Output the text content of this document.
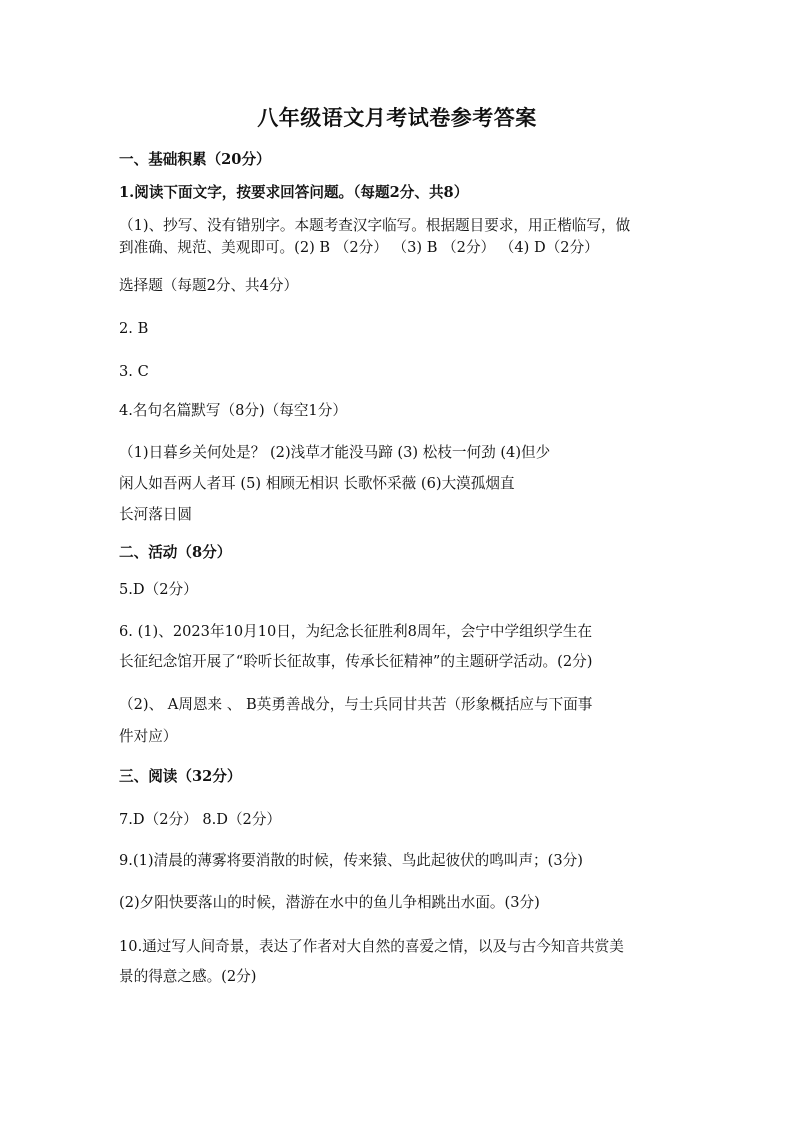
八年级语文月考试卷参考答案
一、基础积累（20分）
1.阅读下面文字，按要求回答问题。（每题2分、共8）
（1)、抄写、没有错别字。本题考查汉字临写。根据题目要求，用正楷临写，做
到准确、规范、美观即可。(2) B （2分） （3) B （2分） （4) D（2分）
选择题（每题2分、共4分）
2. B
3. C
4.名句名篇默写（8分)（每空1分）
（1)日暮乡关何处是？ (2)浅草才能没马蹄 (3) 松枝一何劲 (4)但少
闲人如吾两人者耳 (5) 相顾无相识 长歌怀采薇 (6)大漠孤烟直
长河落日圆
二、活动（8分）
5.D（2分）
6. (1)、2023年10月10日，为纪念长征胜利8周年，会宁中学组织学生在
长征纪念馆开展了“聆听长征故事，传承长征精神”的主题研学活动。(2分)
（2)、 A周恩来 、 B英勇善战分，与士兵同甘共苦（形象概括应与下面事
件对应）
三、阅读（32分）
7.D（2分） 8.D（2分）
9.(1)清晨的薄雾将要消散的时候，传来猿、鸟此起彼伏的鸣叫声；(3分)
(2)夕阳快要落山的时候，潜游在水中的鱼儿争相跳出水面。(3分)
10.通过写人间奇景，表达了作者对大自然的喜爱之情，以及与古今知音共赏美
景的得意之感。(2分)
